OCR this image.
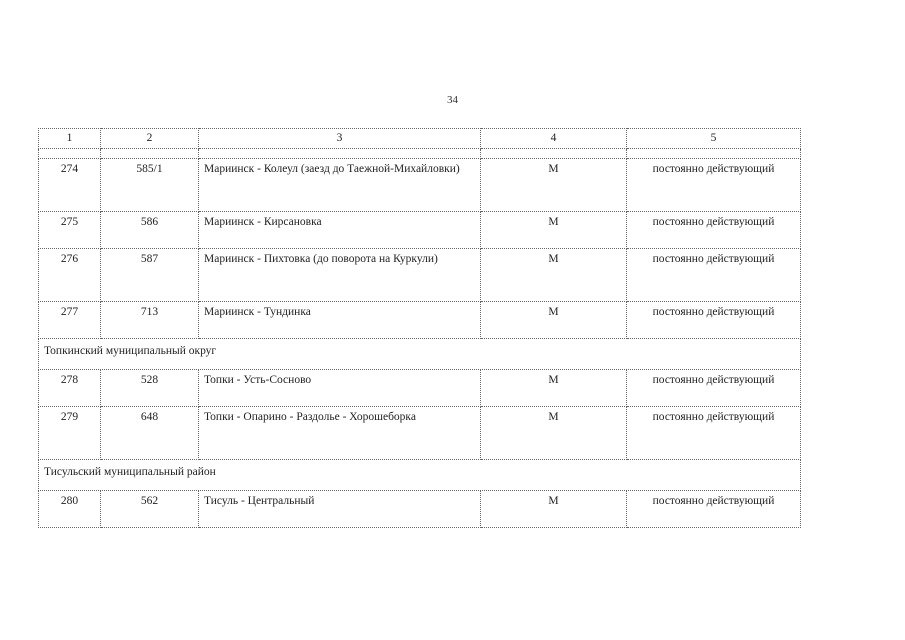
34
1	2	3	4	5

274	585/1	Мариинск - Колеул (заезд до Таежной-Михайловки)	М	постоянно действующий
275	586	Мариинск - Кирсановка	М	постоянно действующий
276	587	Мариинск - Пихтовка (до поворота на Куркули)	М	постоянно действующий
277	713	Мариинск - Тундинка	М	постоянно действующий
Топкинский муниципальный округ				
278	528	Топки - Усть-Сосново	М	постоянно действующий
279	648	Топки - Опарино - Раздолье - Хорошеборка	М	постоянно действующий
Тисульский муниципальный район				
280	562	Тисуль - Центральный	М	постоянно действующий
